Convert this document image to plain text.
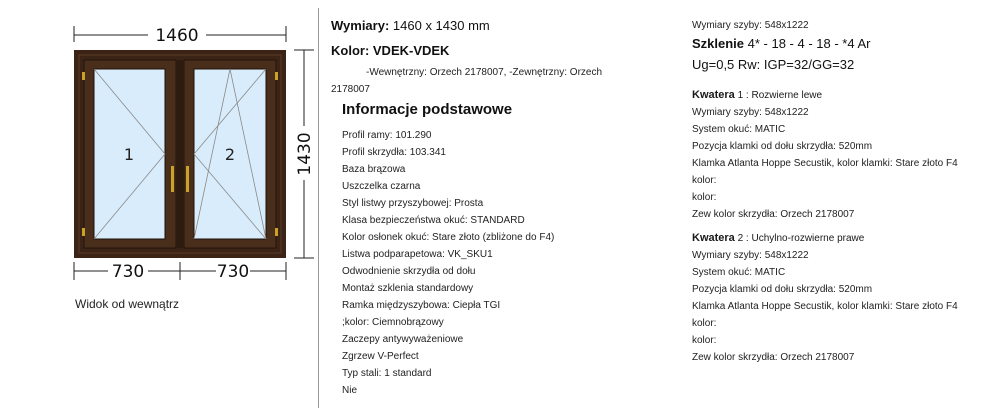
1460
1430
1	2
730	730
Widok od wewnątrz
Wymiary: 1460 x 1430 mm
Kolor: VDEK-VDEK
-Wewnętrzny: Orzech 2178007, -Zewnętrzny: Orzech
2178007
Informacje podstawowe
Profil ramy: 101.290
Profil skrzydła: 103.341
Baza brązowa
Uszczelka czarna
Styl listwy przyszybowej: Prosta
Klasa bezpieczeństwa okuć: STANDARD
Kolor osłonek okuć: Stare złoto (zbliżone do F4)
Listwa podparapetowa: VK_SKU1
Odwodnienie skrzydła od dołu
Montaż szklenia standardowy
Ramka międzyszybowa: Ciepła TGI
;kolor: Ciemnobrązowy
Zaczepy antywyważeniowe
Zgrzew V-Perfect
Typ stali: 1 standard
Nie
Wymiary szyby: 548x1222
Szklenie 4* - 18 - 4 - 18 - *4 Ar
Ug=0,5 Rw: IGP=32/GG=32
Kwatera 1 : Rozwierne lewe
Wymiary szyby: 548x1222
System okuć: MATIC
Pozycja klamki od dołu skrzydła: 520mm
Klamka Atlanta Hoppe Secustik, kolor klamki: Stare złoto F4
kolor:
kolor:
Zew kolor skrzydła: Orzech 2178007
Kwatera 2 : Uchylno-rozwierne prawe
Wymiary szyby: 548x1222
System okuć: MATIC
Pozycja klamki od dołu skrzydła: 520mm
Klamka Atlanta Hoppe Secustik, kolor klamki: Stare złoto F4
kolor:
kolor:
Zew kolor skrzydła: Orzech 2178007
